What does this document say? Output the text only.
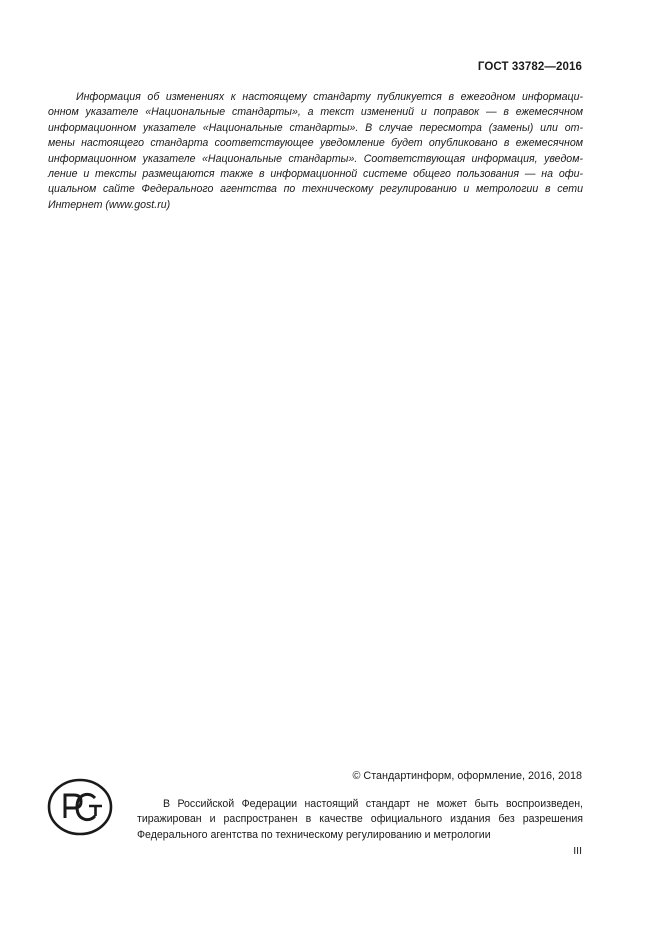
ГОСТ 33782—2016

Информация об изменениях к настоящему стандарту публикуется в ежегодном информаци-
онном указателе «Национальные стандарты», а текст изменений и поправок — в ежемесячном
информационном указателе «Национальные стандарты». В случае пересмотра (замены) или от-
мены настоящего стандарта соответствующее уведомление будет опубликовано в ежемесячном
информационном указателе «Национальные стандарты». Соответствующая информация, уведом-
ление и тексты размещаются также в информационной системе общего пользования — на офи-
циальном сайте Федерального агентства по техническому регулированию и метрологии в сети
Интернет (www.gost.ru)

© Стандартинформ, оформление, 2016, 2018

В Российской Федерации настоящий стандарт не может быть воспроизведен,
тиражирован и распространен в качестве официального издания без разрешения
Федерального агентства по техническому регулированию и метрологии

III
